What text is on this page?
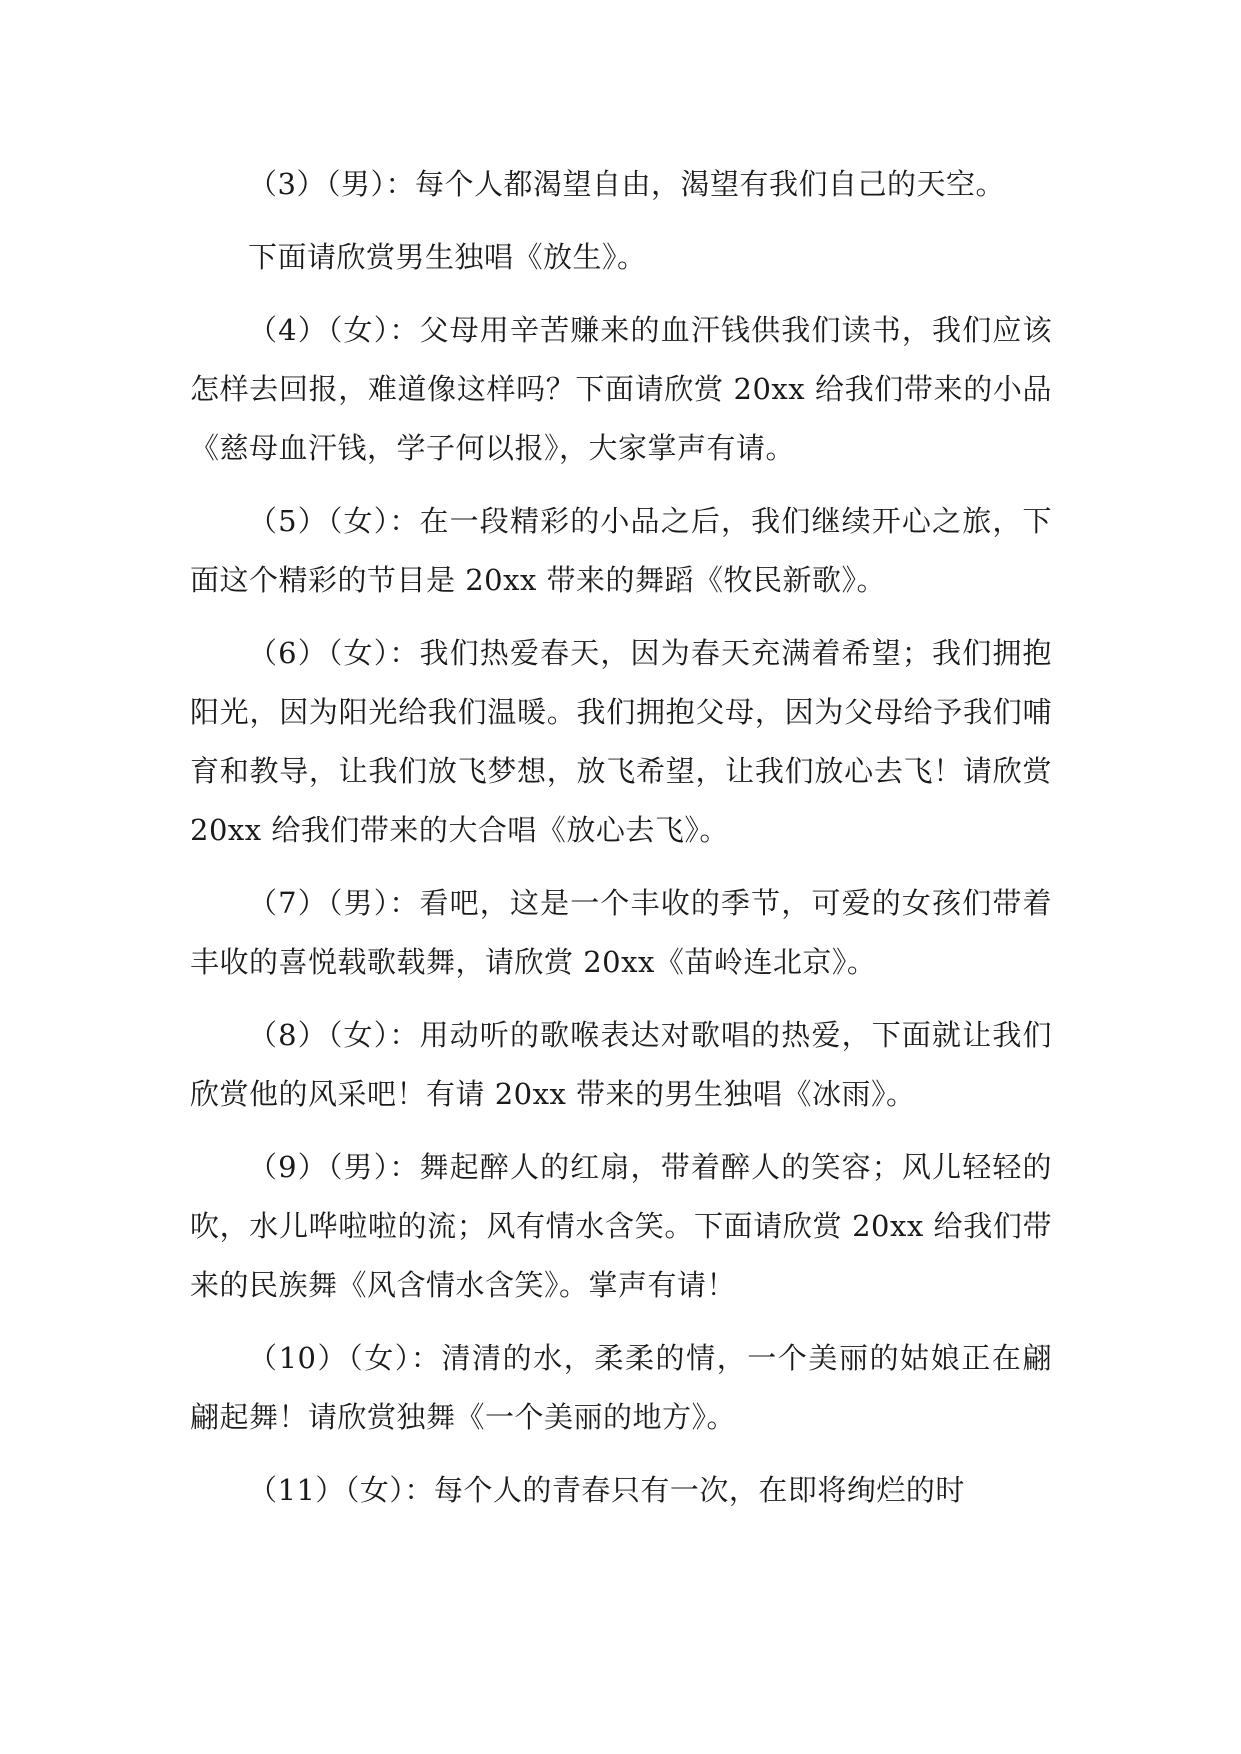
（3）（男）：每个人都渴望自由，渴望有我们自己的天空。

下面请欣赏男生独唱《放生》。

（4）（女）：父母用辛苦赚来的血汗钱供我们读书，我们应该怎样去回报，难道像这样吗？下面请欣赏 20xx 给我们带来的小品《慈母血汗钱，学子何以报》，大家掌声有请。

（5）（女）：在一段精彩的小品之后，我们继续开心之旅，下面这个精彩的节目是 20xx 带来的舞蹈《牧民新歌》。

（6）（女）：我们热爱春天，因为春天充满着希望；我们拥抱阳光，因为阳光给我们温暖。我们拥抱父母，因为父母给予我们哺育和教导，让我们放飞梦想，放飞希望，让我们放心去飞！请欣赏 20xx 给我们带来的大合唱《放心去飞》。

（7）（男）：看吧，这是一个丰收的季节，可爱的女孩们带着丰收的喜悦载歌载舞，请欣赏 20xx《苗岭连北京》。

（8）（女）：用动听的歌喉表达对歌唱的热爱，下面就让我们欣赏他的风采吧！有请 20xx 带来的男生独唱《冰雨》。

（9）（男）：舞起醉人的红扇，带着醉人的笑容；风儿轻轻的吹，水儿哗啦啦的流；风有情水含笑。下面请欣赏 20xx 给我们带来的民族舞《风含情水含笑》。掌声有请！

（10）（女）：清清的水，柔柔的情，一个美丽的姑娘正在翩翩起舞！请欣赏独舞《一个美丽的地方》。

（11）（女）：每个人的青春只有一次，在即将绚烂的时
